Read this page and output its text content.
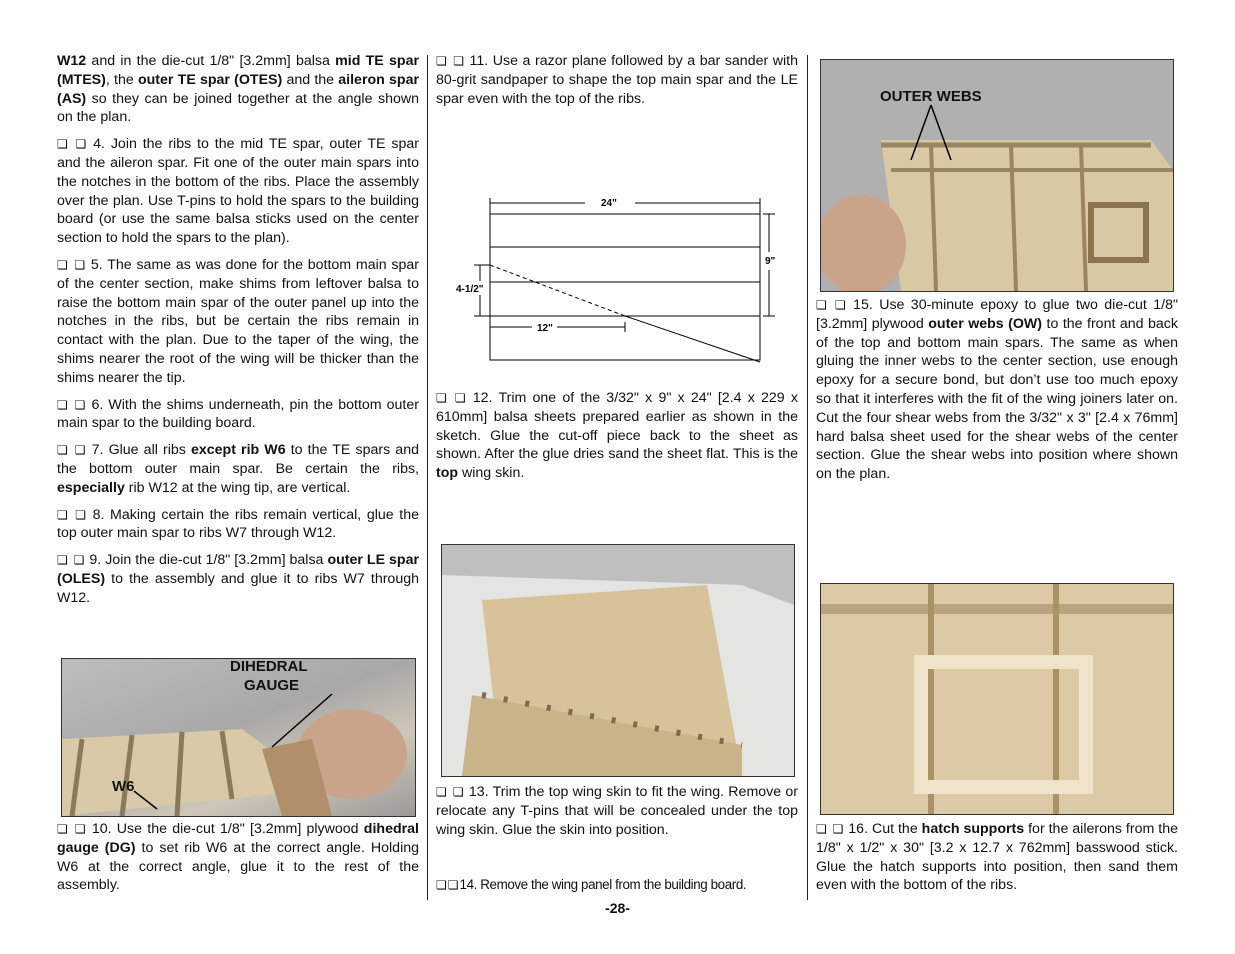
W12 and in the die-cut 1/8" [3.2mm] balsa mid TE spar (MTES), the outer TE spar (OTES) and the aileron spar (AS) so they can be joined together at the angle shown on the plan.

❏ ❏ 4. Join the ribs to the mid TE spar, outer TE spar and the aileron spar. Fit one of the outer main spars into the notches in the bottom of the ribs. Place the assembly over the plan. Use T-pins to hold the spars to the building board (or use the same balsa sticks used on the center section to hold the spars to the plan).

❏ ❏ 5. The same as was done for the bottom main spar of the center section, make shims from leftover balsa to raise the bottom main spar of the outer panel up into the notches in the ribs, but be certain the ribs remain in contact with the plan. Due to the taper of the wing, the shims nearer the root of the wing will be thicker than the shims nearer the tip.

❏ ❏ 6. With the shims underneath, pin the bottom outer main spar to the building board.

❏ ❏ 7. Glue all ribs except rib W6 to the TE spars and the bottom outer main spar. Be certain the ribs, especially rib W12 at the wing tip, are vertical.

❏ ❏ 8. Making certain the ribs remain vertical, glue the top outer main spar to ribs W7 through W12.

❏ ❏ 9. Join the die-cut 1/8" [3.2mm] balsa outer LE spar (OLES) to the assembly and glue it to ribs W7 through W12.

DIHEDRAL
GAUGE
W6

❏ ❏ 10. Use the die-cut 1/8" [3.2mm] plywood dihedral gauge (DG) to set rib W6 at the correct angle. Holding W6 at the correct angle, glue it to the rest of the assembly.

❏ ❏ 11. Use a razor plane followed by a bar sander with 80-grit sandpaper to shape the top main spar and the LE spar even with the top of the ribs.

24"
9"
4-1/2"
12"

❏ ❏ 12. Trim one of the 3/32" x 9" x 24" [2.4 x 229 x 610mm] balsa sheets prepared earlier as shown in the sketch. Glue the cut-off piece back to the sheet as shown. After the glue dries sand the sheet flat. This is the top wing skin.

❏ ❏ 13. Trim the top wing skin to fit the wing. Remove or relocate any T-pins that will be concealed under the top wing skin. Glue the skin into position.

❏❏14. Remove the wing panel from the building board.

OUTER WEBS

❏ ❏ 15. Use 30-minute epoxy to glue two die-cut 1/8" [3.2mm] plywood outer webs (OW) to the front and back of the top and bottom main spars. The same as when gluing the inner webs to the center section, use enough epoxy for a secure bond, but don’t use too much epoxy so that it interferes with the fit of the wing joiners later on. Cut the four shear webs from the 3/32" x 3" [2.4 x 76mm] hard balsa sheet used for the shear webs of the center section. Glue the shear webs into position where shown on the plan.

❏ ❏ 16. Cut the hatch supports for the ailerons from the 1/8" x 1/2" x 30" [3.2 x 12.7 x 762mm] basswood stick. Glue the hatch supports into position, then sand them even with the bottom of the ribs.

-28-
